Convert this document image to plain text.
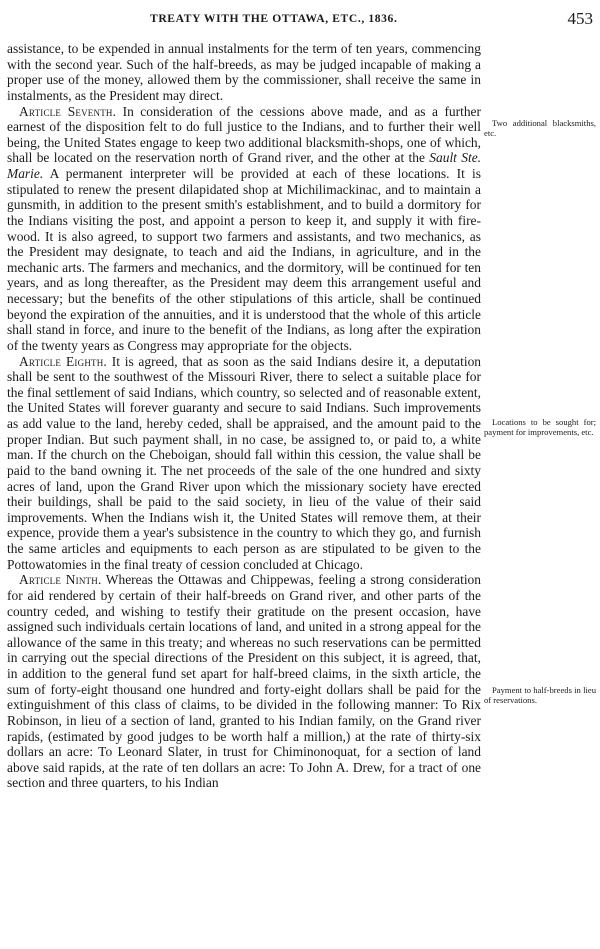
TREATY WITH THE OTTAWA, ETC., 1836.	453

assistance, to be expended in annual instalments for the term of ten years, commencing with the second year. Such of the half-breeds, as may be judged incapable of making a proper use of the money, allowed them by the commissioner, shall receive the same in instalments, as the President may direct.

Article Seventh. In consideration of the cessions above made, and as a further earnest of the disposition felt to do full justice to the Indians, and to further their well being, the United States engage to keep two additional blacksmith-shops, one of which, shall be located on the reservation north of Grand river, and the other at the Sault Ste. Marie. A permanent interpreter will be provided at each of these locations. It is stipulated to renew the present dilapidated shop at Michilimackinac, and to maintain a gunsmith, in addition to the present smith's establishment, and to build a dormitory for the Indians visiting the post, and appoint a person to keep it, and supply it with fire-wood. It is also agreed, to support two farmers and assistants, and two mechanics, as the President may designate, to teach and aid the Indians, in agriculture, and in the mechanic arts. The farmers and mechanics, and the dormitory, will be continued for ten years, and as long thereafter, as the President may deem this arrangement useful and necessary; but the benefits of the other stipulations of this article, shall be continued beyond the expiration of the annuities, and it is understood that the whole of this article shall stand in force, and inure to the benefit of the Indians, as long after the expiration of the twenty years as Congress may appropriate for the objects.

Article Eighth. It is agreed, that as soon as the said Indians desire it, a deputation shall be sent to the southwest of the Missouri River, there to select a suitable place for the final settlement of said Indians, which country, so selected and of reasonable extent, the United States will forever guaranty and secure to said Indians. Such improvements as add value to the land, hereby ceded, shall be appraised, and the amount paid to the proper Indian. But such payment shall, in no case, be assigned to, or paid to, a white man. If the church on the Cheboigan, should fall within this cession, the value shall be paid to the band owning it. The net proceeds of the sale of the one hundred and sixty acres of land, upon the Grand River upon which the missionary society have erected their buildings, shall be paid to the said society, in lieu of the value of their said improvements. When the Indians wish it, the United States will remove them, at their expence, provide them a year's subsistence in the country to which they go, and furnish the same articles and equipments to each person as are stipulated to be given to the Pottowatomies in the final treaty of cession concluded at Chicago.

Article Ninth. Whereas the Ottawas and Chippewas, feeling a strong consideration for aid rendered by certain of their half-breeds on Grand river, and other parts of the country ceded, and wishing to testify their gratitude on the present occasion, have assigned such individuals certain locations of land, and united in a strong appeal for the allowance of the same in this treaty; and whereas no such reservations can be permitted in carrying out the special directions of the President on this subject, it is agreed, that, in addition to the general fund set apart for half-breed claims, in the sixth article, the sum of forty-eight thousand one hundred and forty-eight dollars shall be paid for the extinguishment of this class of claims, to be divided in the following manner: To Rix Robinson, in lieu of a section of land, granted to his Indian family, on the Grand river rapids, (estimated by good judges to be worth half a million,) at the rate of thirty-six dollars an acre: To Leonard Slater, in trust for Chiminonoquat, for a section of land above said rapids, at the rate of ten dollars an acre: To John A. Drew, for a tract of one section and three quarters, to his Indian

Two additional blacksmiths, etc.
Locations to be sought for; payment for improvements, etc.
Payment to half-breeds in lieu of reservations.
